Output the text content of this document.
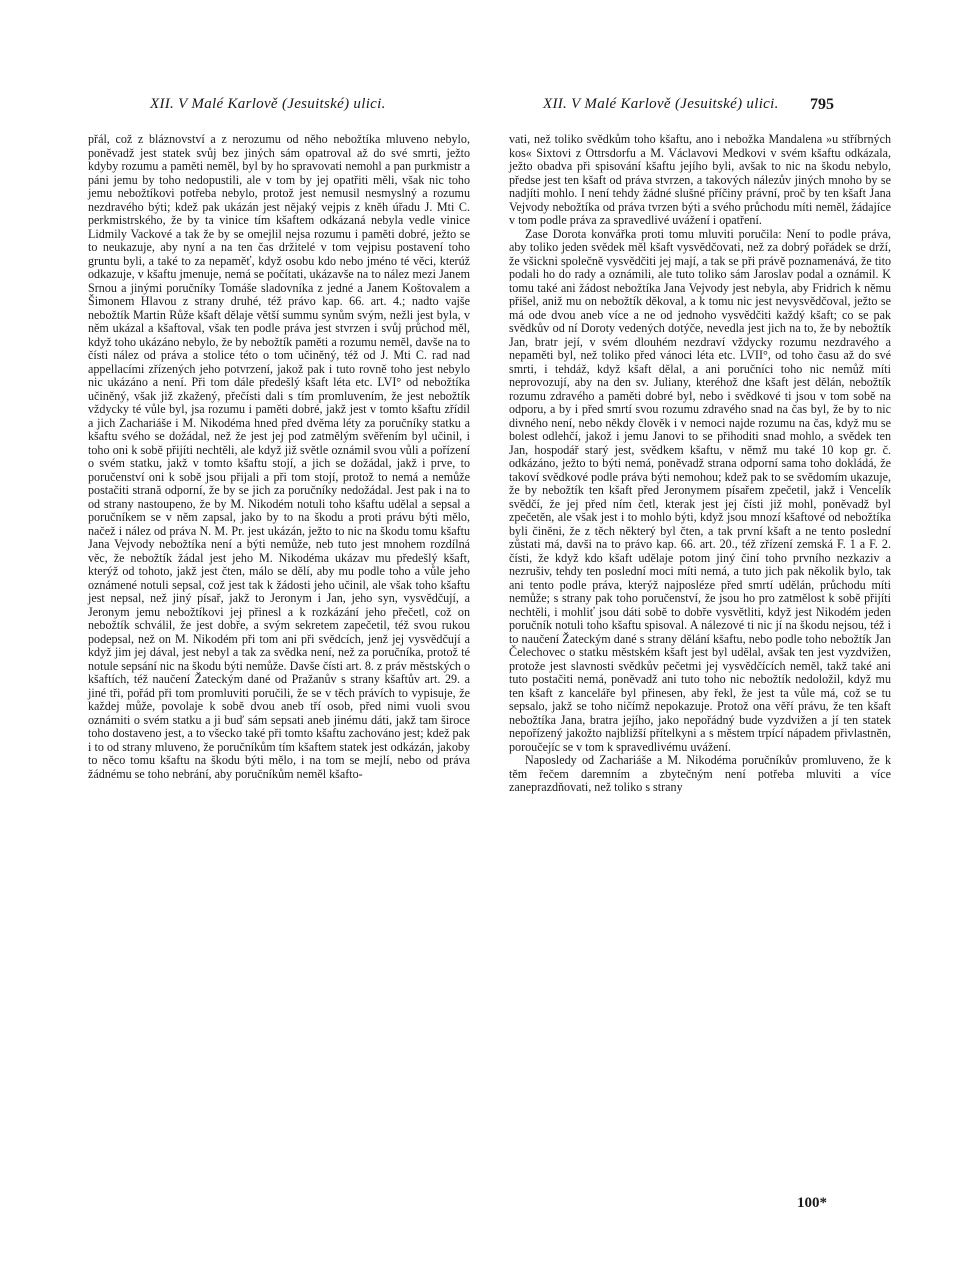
XII. V Malé Karlově (Jesuitské) ulici.	XII. V Malé Karlově (Jesuitské) ulici. 795

přál, což z bláznovství a z nerozumu od něho nebožtíka mluveno nebylo, poněvadž jest statek svůj bez jiných sám opatroval až do své smrti, ježto kdyby rozumu a paměti neměl, byl by ho spravovati nemohl a pan purkmistr a páni jemu by toho nedopustili, ale v tom by jej opatřiti měli, však nic toho jemu nebožtíkovi potřeba nebylo, protož jest nemusil nesmyslný a rozumu nezdravého býti; kdež pak ukázán jest nějaký vejpis z kněh úřadu J. Mti C. perkmistrského, že by ta vinice tím kšaftem odkázaná nebyla vedle vinice Lidmily Vackové a tak že by se omejlil nejsa rozumu i paměti dobré, ježto se to neukazuje, aby nyní a na ten čas držitelé v tom vejpisu postavení toho gruntu byli, a také to za nepaměť, když osobu kdo nebo jméno té věci, kterúž odkazuje, v kšaftu jmenuje, nemá se počítati, ukázavše na to nález mezi Janem Srnou a jinými poručníky Tomáše sladovníka z jedné a Janem Koštovalem a Šimonem Hlavou z strany druhé, též právo kap. 66. art. 4.; nadto vajše nebožtík Martin Růže kšaft dělaje větší summu synům svým, nežli jest byla, v něm ukázal a kšaftoval, však ten podle práva jest stvrzen i svůj průchod měl, když toho ukázáno nebylo, že by nebožtík paměti a rozumu neměl, davše na to čísti nález od práva a stolice této o tom učiněný, též od J. Mti C. rad nad appellacími zřízených jeho potvrzení, jakož pak i tuto rovně toho jest nebylo nic ukázáno a není. Při tom dále předešlý kšaft léta etc. LVI° od nebožtíka učiněný, však již zkažený, přečísti dali s tím promluvením, že jest nebožtík vždycky té vůle byl, jsa rozumu i paměti dobré, jakž jest v tomto kšaftu zřídil a jich Zachariáše i M. Nikodéma hned před dvěma léty za poručníky statku a kšaftu svého se dožádal, než že jest jej pod zatmělým svěřením byl učinil, i toho oni k sobě přijíti nechtěli, ale když již světle oznámil svou vůli a pořízení o svém statku, jakž v tomto kšaftu stojí, a jich se dožádal, jakž i prve, to poručenství oni k sobě jsou přijali a při tom stojí, protož to nemá a nemůže postačiti strană odporní, že by se jich za poručníky nedožádal. Jest pak i na to od strany nastoupeno, že by M. Nikodém notuli toho kšaftu udělal a sepsal a poručníkem se v něm zapsal, jako by to na škodu a proti právu býti mělo, načež i nález od práva N. M. Pr. jest ukázán, ježto to nic na škodu tomu kšaftu Jana Vejvody nebožtíka není a býti nemůže, neb tuto jest mnohem rozdílná věc, že nebožtík žádal jest jeho M. Nikodéma ukázav mu předešlý kšaft, kterýž od tohoto, jakž jest čten, málo se dělí, aby mu podle toho a vůle jeho oznámené notuli sepsal, což jest tak k žádosti jeho učinil, ale však toho kšaftu jest nepsal, než jiný písař, jakž to Jeronym i Jan, jeho syn, vysvědčují, a Jeronym jemu nebožtíkovi jej přinesl a k rozkázání jeho přečetl, což on nebožtík schválil, že jest dobře, a svým sekretem zapečetil, též svou rukou podepsal, než on M. Nikodém při tom ani při svědcích, jenž jej vysvědčují a když jim jej dával, jest nebyl a tak za svědka není, než za poručníka, protož té notule sepsání nic na škodu býti nemůže. Davše čísti art. 8. z práv městských o kšaftích, též naučení Žateckým dané od Pražanův s strany kšaftův art. 29. a jiné tři, pořád při tom promluviti poručili, že se v těch právích to vypisuje, že každej může, povolaje k sobě dvou aneb tří osob, před nimi vuoli svou oznámiti o svém statku a ji buď sám sepsati aneb jinému dáti, jakž tam široce toho dostaveno jest, a to všecko také při tomto kšaftu zachováno jest; kdež pak i to od strany mluveno, že poručníkům tím kšaftem statek jest odkázán, jakoby to něco tomu kšaftu na škodu býti mělo, i na tom se mejlí, nebo od práva žádnému se toho nebrání, aby poručníkům neměl kšafto-

vati, než toliko svědkům toho kšaftu, ano i nebožka Mandalena »u stříbrných kos« Sixtovi z Ottrsdorfu a M. Václavovi Medkovi v svém kšaftu odkázala, ježto obadva při spisování kšaftu jejího byli, avšak to nic na škodu nebylo, předse jest ten kšaft od práva stvrzen, a takových nálezův jiných mnoho by se nadjíti mohlo. I není tehdy žádné slušné příčiny právní, proč by ten kšaft Jana Vejvody nebožtíka od práva tvrzen býti a svého průchodu míti neměl, žádajíce v tom podle práva za spravedlivé uvážení i opatření.

Zase Dorota konvářka proti tomu mluviti poručila: Není to podle práva, aby toliko jeden svědek měl kšaft vysvědčovati, než za dobrý pořádek se drží, že všickni společně vysvědčiti jej mají, a tak se při právě poznamenává, že tito podali ho do rady a oznámili, ale tuto toliko sám Jaroslav podal a oznámil. K tomu také ani žádost nebožtíka Jana Vejvody jest nebyla, aby Fridrich k němu přišel, aniž mu on nebožtík děkoval, a k tomu nic jest nevysvědčoval, ježto se má ode dvou aneb více a ne od jednoho vysvědčiti každý kšaft; co se pak svědkův od ní Doroty vedených dotýče, nevedla jest jich na to, že by nebožtík Jan, bratr její, v svém dlouhém nezdraví vždycky rozumu nezdravého a nepaměti byl, než toliko před vánoci léta etc. LVII°, od toho času až do své smrti, i tehdáž, když kšaft dělal, a ani poručníci toho nic nemůž míti neprovozují, aby na den sv. Juliany, kteréhož dne kšaft jest dělán, nebožtík rozumu zdravého a paměti dobré byl, nebo i svědkové ti jsou v tom sobě na odporu, a by i před smrtí svou rozumu zdravého snad na čas byl, že by to nic divného není, nebo někdy člověk i v nemoci najde rozumu na čas, když mu se bolest odlehčí, jakož i jemu Janovi to se přihoditi snad mohlo, a svědek ten Jan, hospodář starý jest, svědkem kšaftu, v němž mu také 10 kop gr. č. odkázáno, ježto to býti nemá, poněvadž strana odporní sama toho dokládá, že takoví svědkové podle práva býti nemohou; kdež pak to se svědomím ukazuje, že by nebožtík ten kšaft před Jeronymem písařem zpečetil, jakž i Vencelík svědčí, že jej před ním četl, kterak jest jej čísti již mohl, poněvadž byl zpečetěn, ale však jest i to mohlo býti, když jsou mnozí kšaftové od nebožtíka byli činěni, že z těch některý byl čten, a tak první kšaft a ne tento poslední zůstati má, davši na to právo kap. 66. art. 20., též zřízení zemská F. 1 a F. 2. čísti, že když kdo kšaft udělaje potom jiný činí toho prvního nezkaziv a nezrušiv, tehdy ten poslední moci míti nemá, a tuto jich pak několik bylo, tak ani tento podle práva, kterýž najposléze před smrtí udělán, průchodu míti nemůže; s strany pak toho poručenství, že jsou ho pro zatmělost k sobě přijíti nechtěli, i mohliť jsou dáti sobě to dobře vysvětliti, když jest Nikodém jeden poručník notuli toho kšaftu spisoval. A nálezové ti nic jí na škodu nejsou, též i to naučení Žateckým dané s strany dělání kšaftu, nebo podle toho nebožtík Jan Čelechovec o statku městském kšaft jest byl udělal, avšak ten jest vyzdvižen, protože jest slavnosti svědkův pečetmi jej vysvědčících neměl, takž také ani tuto postačiti nemá, poněvadž ani tuto toho nic nebožtík nedoložil, když mu ten kšaft z kanceláře byl přinesen, aby řekl, že jest ta vůle má, což se tu sepsalo, jakž se toho ničímž nepokazuje. Protož ona věří právu, že ten kšaft nebožtíka Jana, bratra jejího, jako nepořádný bude vyzdvižen a jí ten statek nepořízený jakožto najbližší přítelkyni a s městem trpící nápadem přivlastněn, poroučejíc se v tom k spravedlivému uvážení.

Naposledy od Zachariáše a M. Nikodéma poručníkův promluveno, že k těm řečem daremním a zbytečným není potřeba mluviti a více zaneprazdňovati, než toliko s strany

100*
